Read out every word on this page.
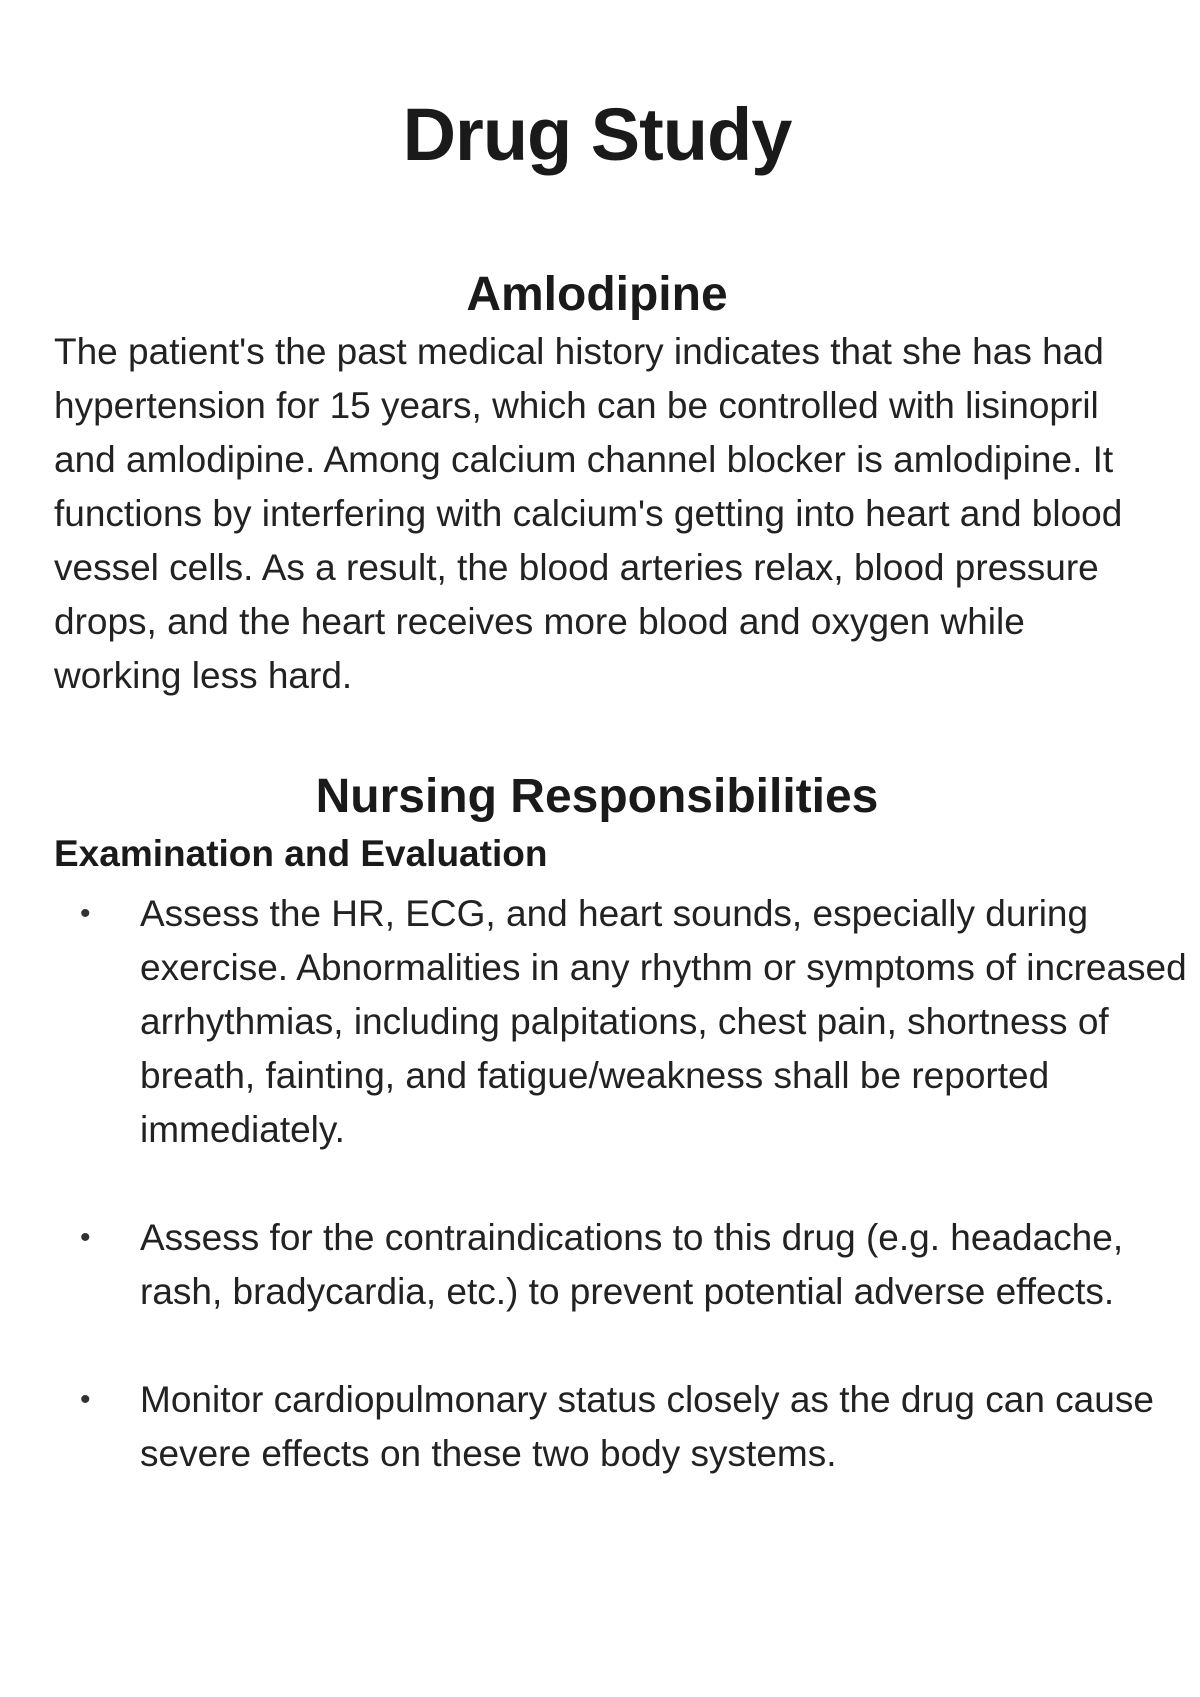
Drug Study
Amlodipine

The patient's the past medical history indicates that she has had hypertension for 15 years, which can be controlled with lisinopril and amlodipine. Among calcium channel blocker is amlodipine. It functions by interfering with calcium's getting into heart and blood vessel cells. As a result, the blood arteries relax, blood pressure drops, and the heart receives more blood and oxygen while working less hard.

Nursing Responsibilities
Examination and Evaluation
• Assess the HR, ECG, and heart sounds, especially during exercise. Abnormalities in any rhythm or symptoms of increased arrhythmias, including palpitations, chest pain, shortness of breath, fainting, and fatigue/weakness shall be reported immediately.
• Assess for the contraindications to this drug (e.g. headache, rash, bradycardia, etc.) to prevent potential adverse effects.
• Monitor cardiopulmonary status closely as the drug can cause severe effects on these two body systems.
